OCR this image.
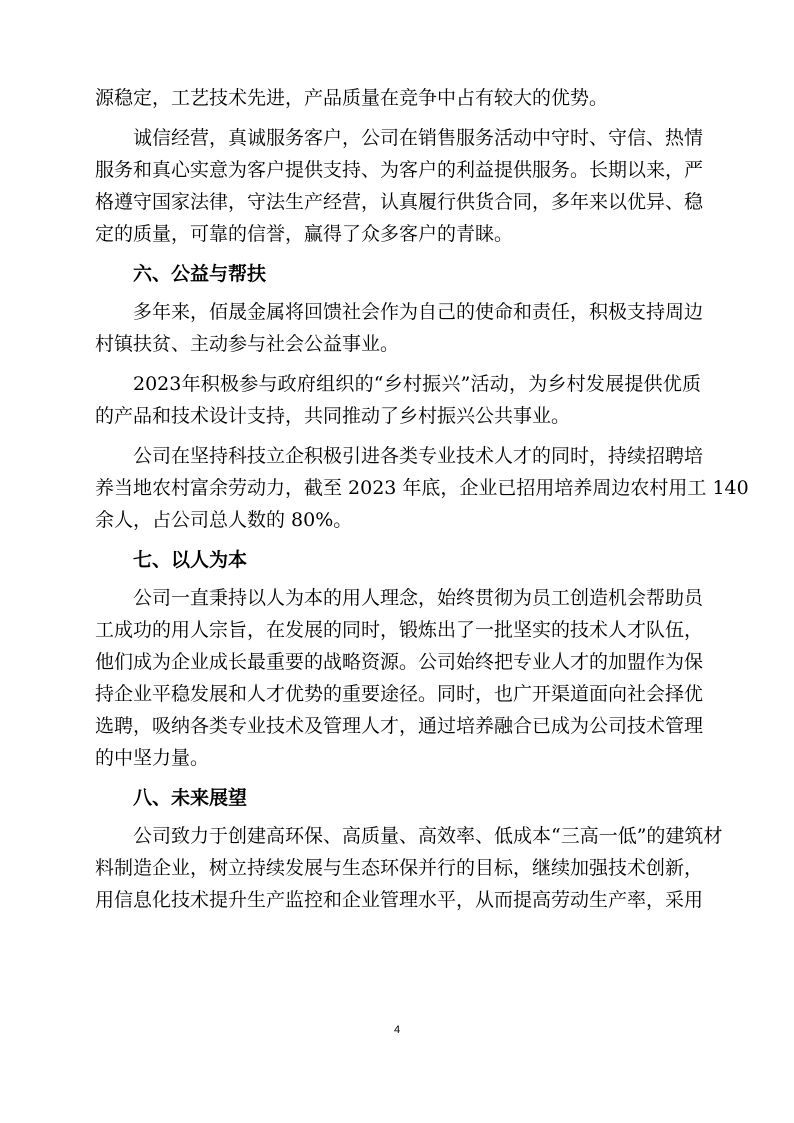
源稳定，工艺技术先进，产品质量在竞争中占有较大的优势。
诚信经营，真诚服务客户，公司在销售服务活动中守时、守信、热情
服务和真心实意为客户提供支持、为客户的利益提供服务。长期以来，严
格遵守国家法律，守法生产经营，认真履行供货合同，多年来以优异、稳
定的质量，可靠的信誉，赢得了众多客户的青睐。
六、公益与帮扶
多年来，佰晟金属将回馈社会作为自己的使命和责任，积极支持周边
村镇扶贫、主动参与社会公益事业。
2023年积极参与政府组织的“乡村振兴”活动，为乡村发展提供优质
的产品和技术设计支持，共同推动了乡村振兴公共事业。
公司在坚持科技立企积极引进各类专业技术人才的同时，持续招聘培
养当地农村富余劳动力，截至 2023 年底，企业已招用培养周边农村用工 140
余人，占公司总人数的 80%。
七、以人为本
公司一直秉持以人为本的用人理念，始终贯彻为员工创造机会帮助员
工成功的用人宗旨，在发展的同时，锻炼出了一批坚实的技术人才队伍，
他们成为企业成长最重要的战略资源。公司始终把专业人才的加盟作为保
持企业平稳发展和人才优势的重要途径。同时，也广开渠道面向社会择优
选聘，吸纳各类专业技术及管理人才，通过培养融合已成为公司技术管理
的中坚力量。
八、未来展望
公司致力于创建高环保、高质量、高效率、低成本“三高一低”的建筑材
料制造企业，树立持续发展与生态环保并行的目标，继续加强技术创新，
用信息化技术提升生产监控和企业管理水平，从而提高劳动生产率，采用
4
